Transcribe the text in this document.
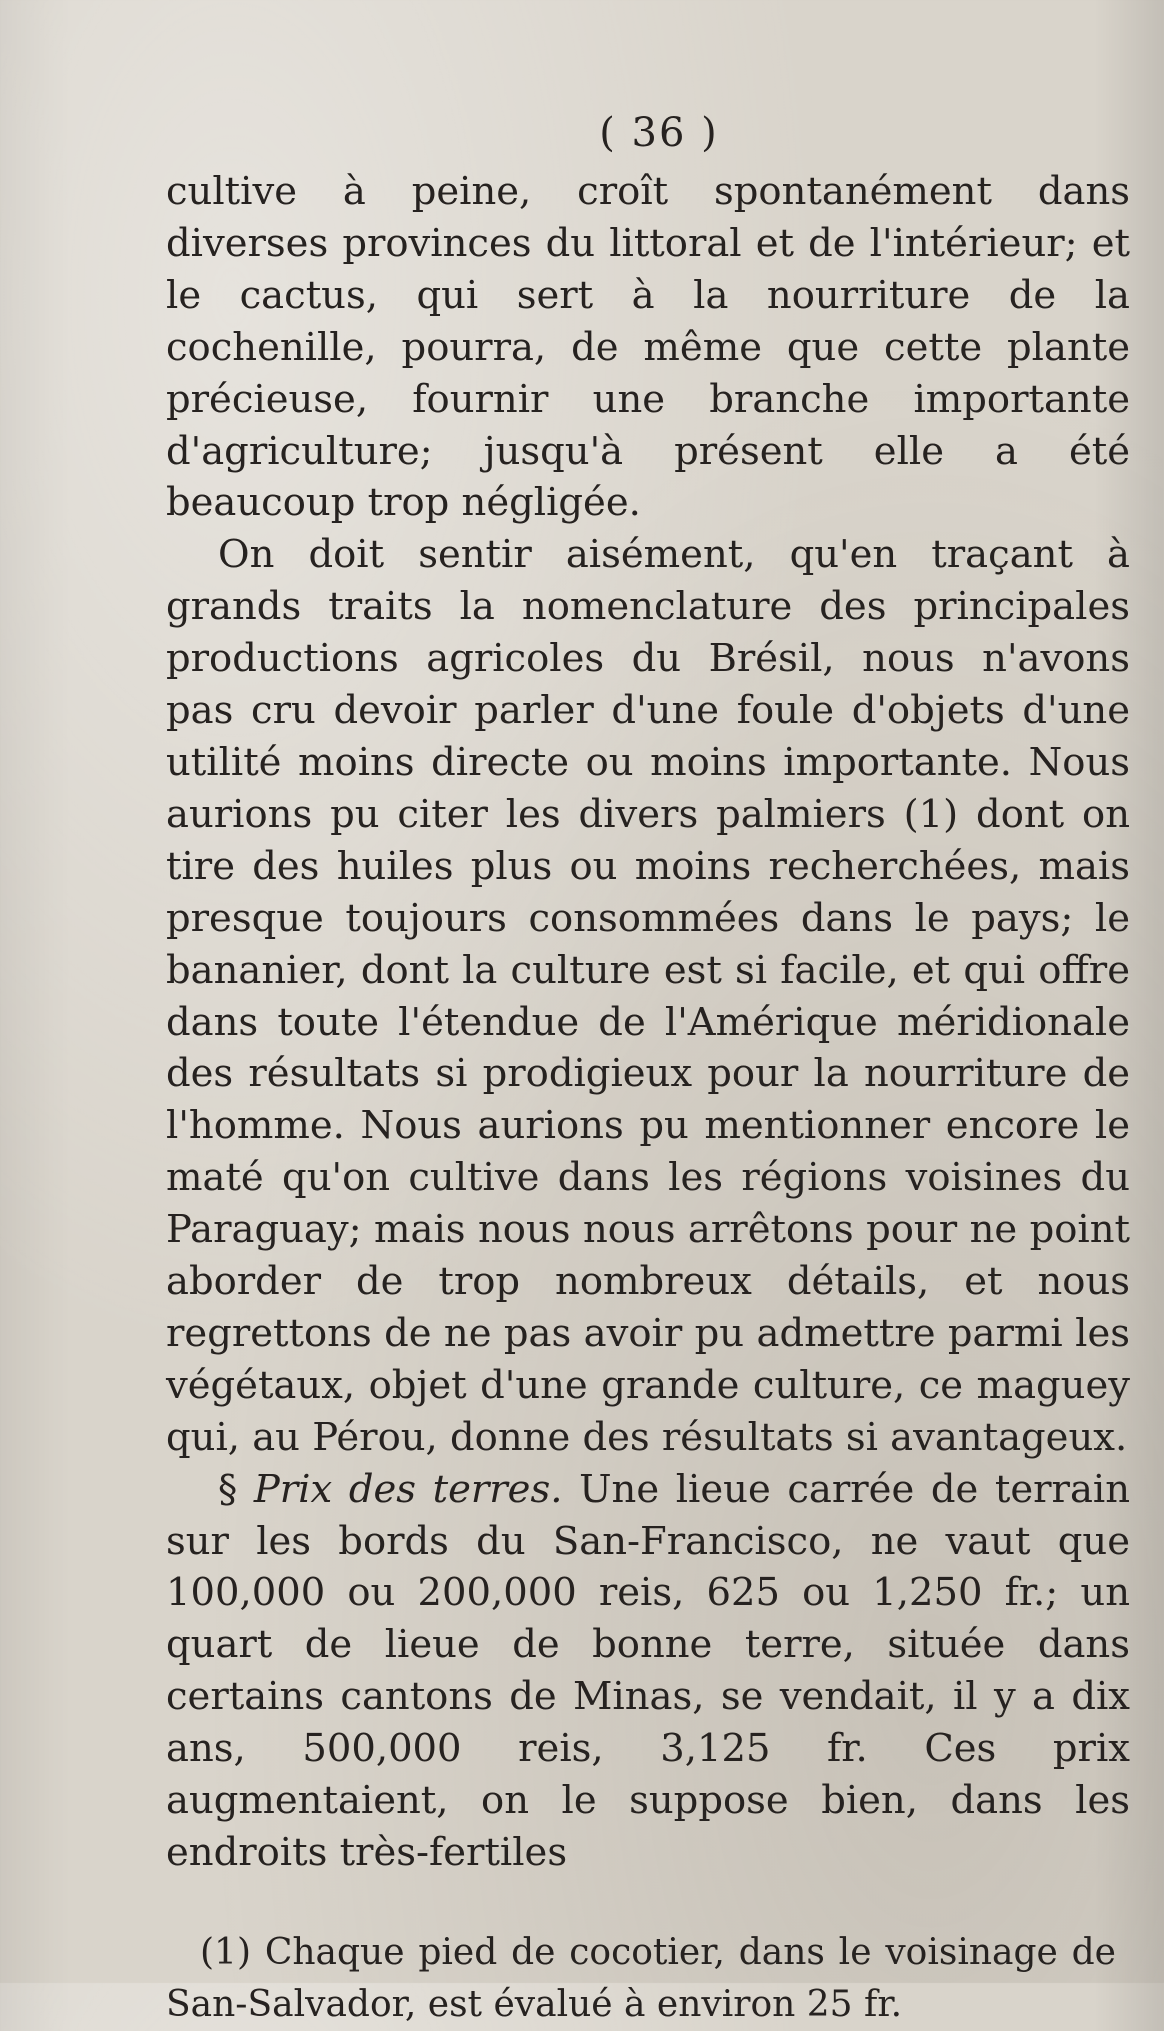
( 36 )

cultive à peine, croît spontanément dans diverses provinces du littoral et de l'intérieur; et le cactus, qui sert à la nourriture de la cochenille, pourra, de même que cette plante précieuse, fournir une branche importante d'agriculture; jusqu'à présent elle a été beaucoup trop négligée.

On doit sentir aisément, qu'en traçant à grands traits la nomenclature des principales productions agricoles du Brésil, nous n'avons pas cru devoir parler d'une foule d'objets d'une utilité moins directe ou moins importante. Nous aurions pu citer les divers palmiers (1) dont on tire des huiles plus ou moins recherchées, mais presque toujours consommées dans le pays; le bananier, dont la culture est si facile, et qui offre dans toute l'étendue de l'Amérique méridionale des résultats si prodigieux pour la nourriture de l'homme. Nous aurions pu mentionner encore le maté qu'on cultive dans les régions voisines du Paraguay; mais nous nous arrêtons pour ne point aborder de trop nombreux détails, et nous regrettons de ne pas avoir pu admettre parmi les végétaux, objet d'une grande culture, ce maguey qui, au Pérou, donne des résultats si avantageux.

§ Prix des terres. Une lieue carrée de terrain sur les bords du San-Francisco, ne vaut que 100,000 ou 200,000 reis, 625 ou 1,250 fr.; un quart de lieue de bonne terre, située dans certains cantons de Minas, se vendait, il y a dix ans, 500,000 reis, 3,125 fr. Ces prix augmentaient, on le suppose bien, dans les endroits très-fertiles

(1) Chaque pied de cocotier, dans le voisinage de San-Salvador, est évalué à environ 25 fr.
